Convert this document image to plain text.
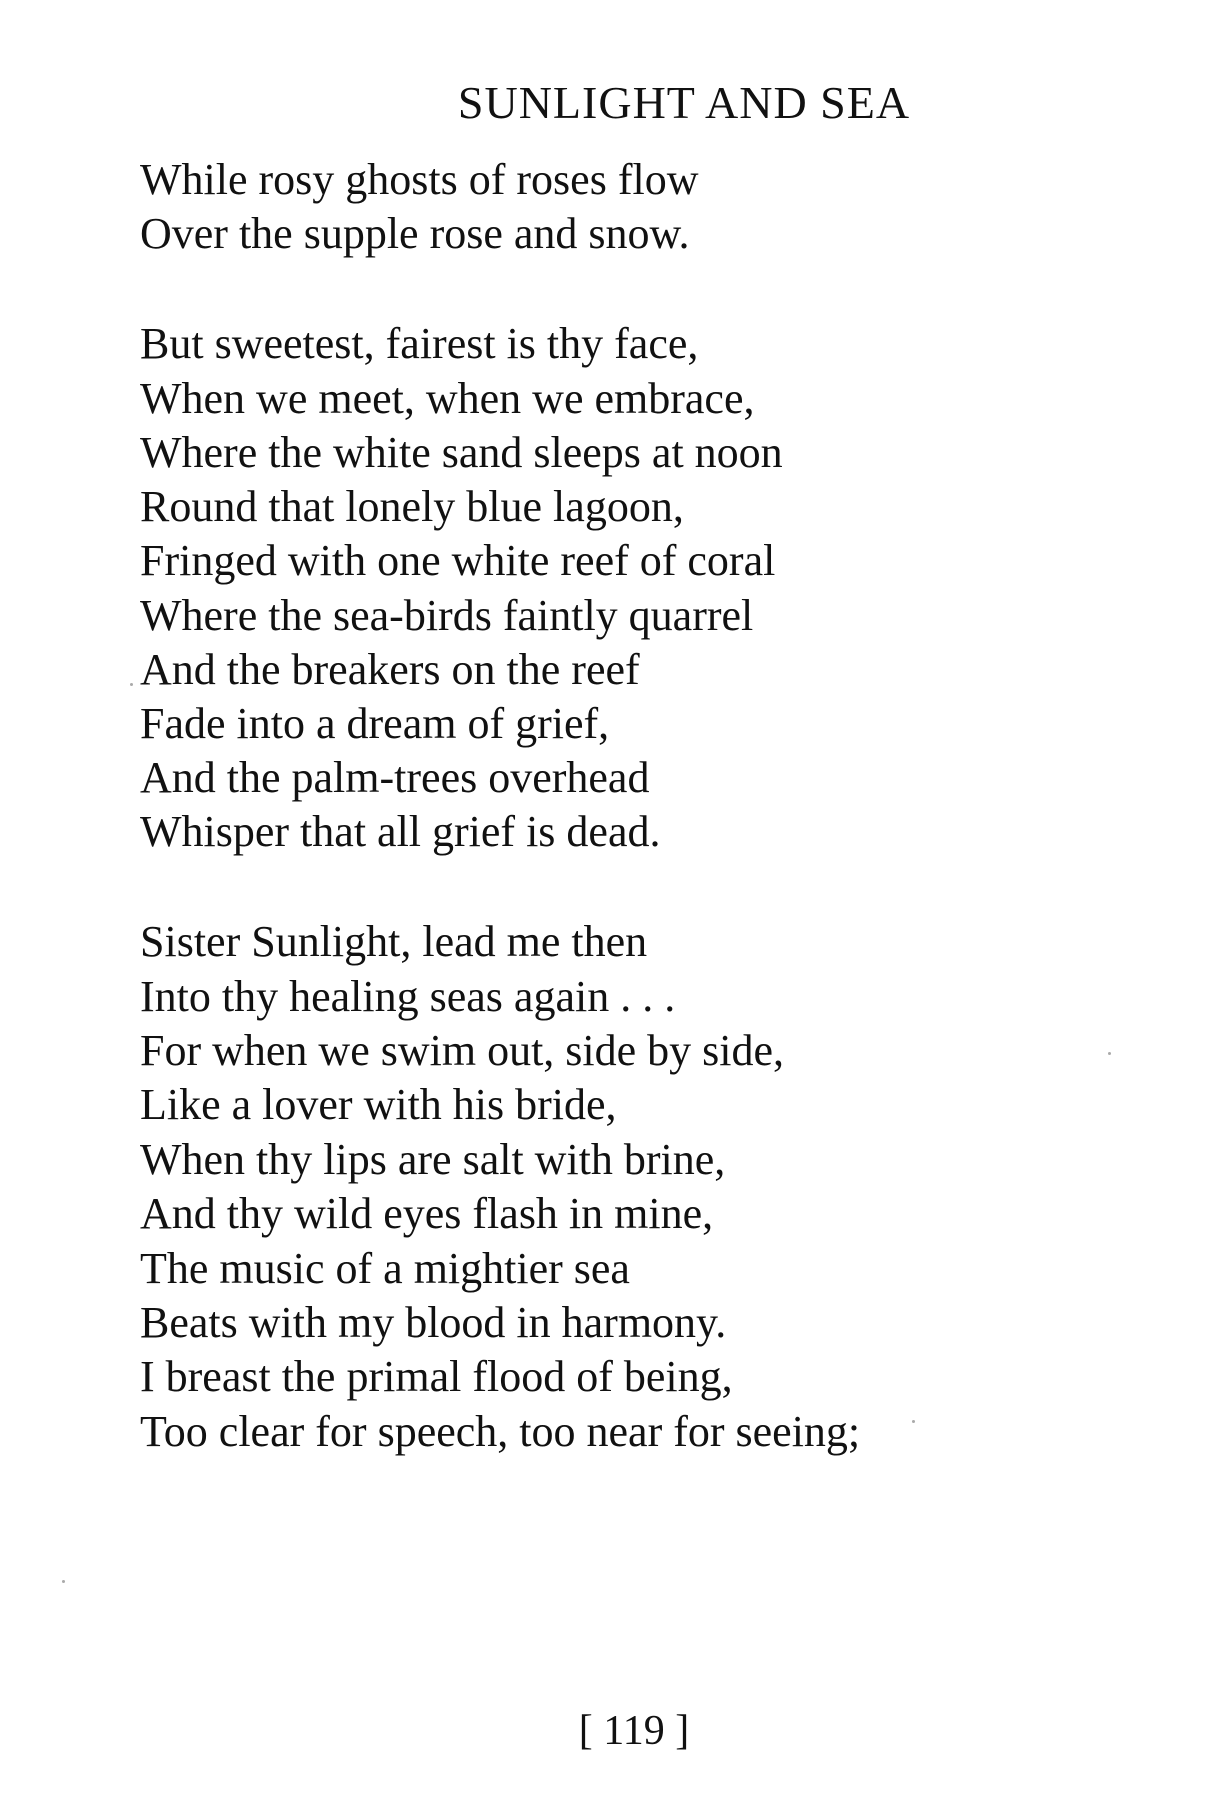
SUNLIGHT AND SEA
While rosy ghosts of roses flow
Over the supple rose and snow.
But sweetest, fairest is thy face,
When we meet, when we embrace,
Where the white sand sleeps at noon
Round that lonely blue lagoon,
Fringed with one white reef of coral
Where the sea-birds faintly quarrel
And the breakers on the reef
Fade into a dream of grief,
And the palm-trees overhead
Whisper that all grief is dead.
Sister Sunlight, lead me then
Into thy healing seas again . . .
For when we swim out, side by side,
Like a lover with his bride,
When thy lips are salt with brine,
And thy wild eyes flash in mine,
The music of a mightier sea
Beats with my blood in harmony.
I breast the primal flood of being,
Too clear for speech, too near for seeing;
[ 119 ]
